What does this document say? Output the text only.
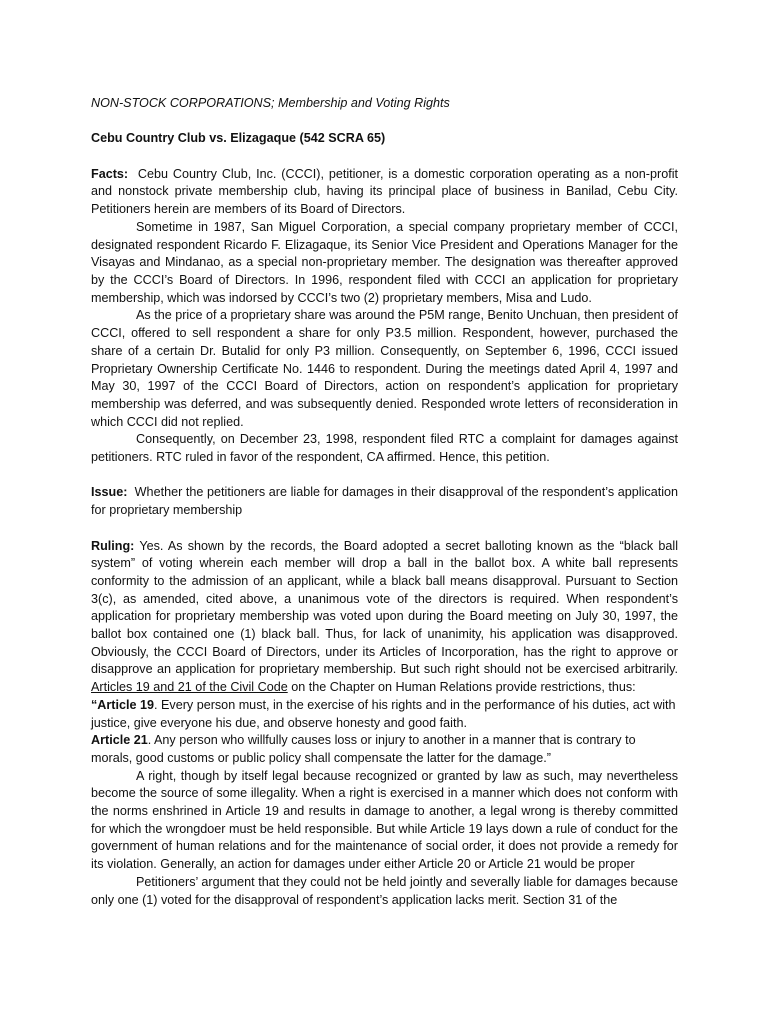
NON-STOCK CORPORATIONS; Membership and Voting Rights

Cebu Country Club vs. Elizagaque (542 SCRA 65)

Facts: Cebu Country Club, Inc. (CCCI), petitioner, is a domestic corporation operating as a non-profit and nonstock private membership club, having its principal place of business in Banilad, Cebu City. Petitioners herein are members of its Board of Directors.

Sometime in 1987, San Miguel Corporation, a special company proprietary member of CCCI, designated respondent Ricardo F. Elizagaque, its Senior Vice President and Operations Manager for the Visayas and Mindanao, as a special non-proprietary member. The designation was thereafter approved by the CCCI’s Board of Directors. In 1996, respondent filed with CCCI an application for proprietary membership, which was indorsed by CCCI’s two (2) proprietary members, Misa and Ludo.

As the price of a proprietary share was around the P5M range, Benito Unchuan, then president of CCCI, offered to sell respondent a share for only P3.5 million. Respondent, however, purchased the share of a certain Dr. Butalid for only P3 million. Consequently, on September 6, 1996, CCCI issued Proprietary Ownership Certificate No. 1446 to respondent. During the meetings dated April 4, 1997 and May 30, 1997 of the CCCI Board of Directors, action on respondent’s application for proprietary membership was deferred, and was subsequently denied. Responded wrote letters of reconsideration in which CCCI did not replied.

Consequently, on December 23, 1998, respondent filed RTC a complaint for damages against petitioners. RTC ruled in favor of the respondent, CA affirmed. Hence, this petition.

Issue: Whether the petitioners are liable for damages in their disapproval of the respondent’s application for proprietary membership

Ruling: Yes. As shown by the records, the Board adopted a secret balloting known as the “black ball system” of voting wherein each member will drop a ball in the ballot box. A white ball represents conformity to the admission of an applicant, while a black ball means disapproval. Pursuant to Section 3(c), as amended, cited above, a unanimous vote of the directors is required. When respondent’s application for proprietary membership was voted upon during the Board meeting on July 30, 1997, the ballot box contained one (1) black ball. Thus, for lack of unanimity, his application was disapproved. Obviously, the CCCI Board of Directors, under its Articles of Incorporation, has the right to approve or disapprove an application for proprietary membership. But such right should not be exercised arbitrarily. Articles 19 and 21 of the Civil Code on the Chapter on Human Relations provide restrictions, thus:

“Article 19. Every person must, in the exercise of his rights and in the performance of his duties, act with justice, give everyone his due, and observe honesty and good faith.

Article 21. Any person who willfully causes loss or injury to another in a manner that is contrary to morals, good customs or public policy shall compensate the latter for the damage.”

A right, though by itself legal because recognized or granted by law as such, may nevertheless become the source of some illegality. When a right is exercised in a manner which does not conform with the norms enshrined in Article 19 and results in damage to another, a legal wrong is thereby committed for which the wrongdoer must be held responsible. But while Article 19 lays down a rule of conduct for the government of human relations and for the maintenance of social order, it does not provide a remedy for its violation. Generally, an action for damages under either Article 20 or Article 21 would be proper

Petitioners’ argument that they could not be held jointly and severally liable for damages because only one (1) voted for the disapproval of respondent’s application lacks merit. Section 31 of the
